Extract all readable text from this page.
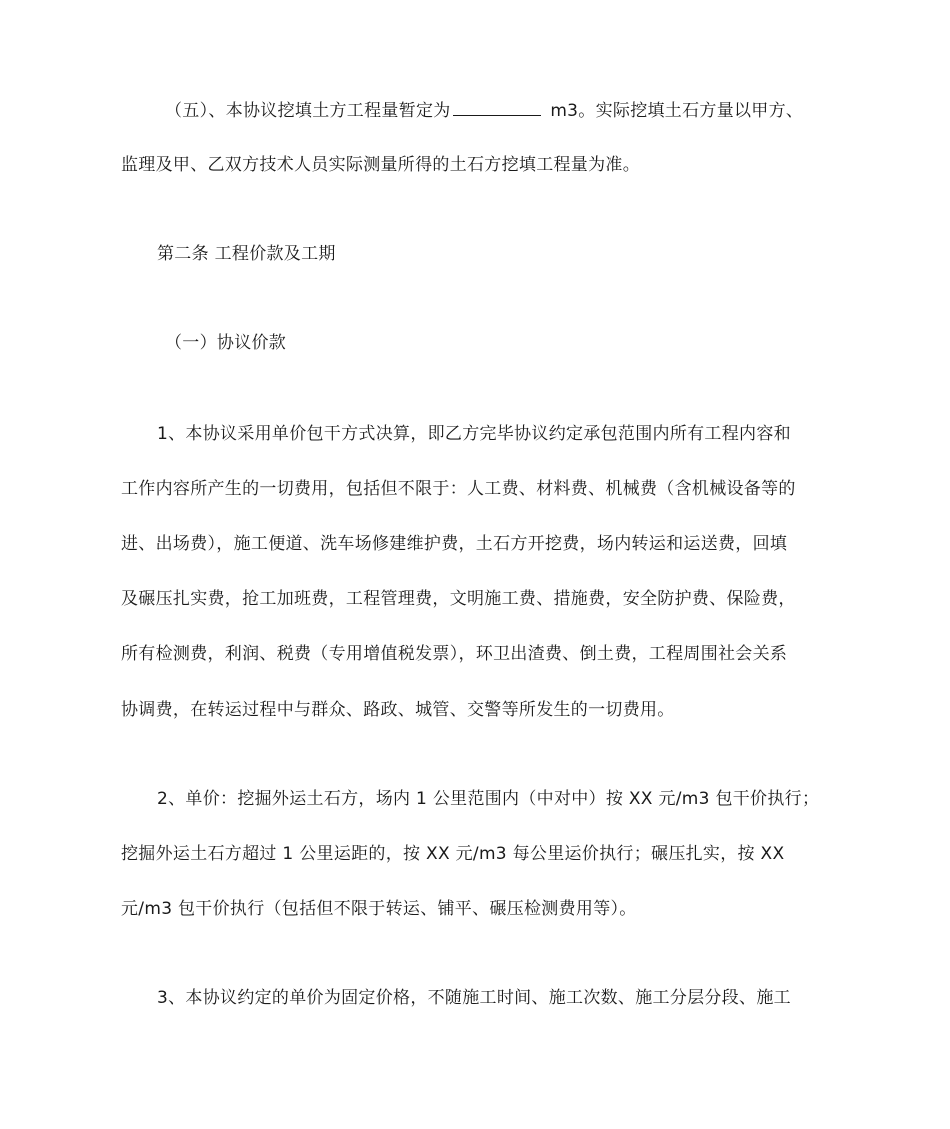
（五）、本协议挖填土方工程量暂定为	m3。实际挖填土石方量以甲方、
监理及甲、乙双方技术人员实际测量所得的土石方挖填工程量为准。
第二条 工程价款及工期
（一）协议价款
1、本协议采用单价包干方式决算，即乙方完毕协议约定承包范围内所有工程内容和
工作内容所产生的一切费用，包括但不限于：人工费、材料费、机械费（含机械设备等的
进、出场费），施工便道、洗车场修建维护费，土石方开挖费，场内转运和运送费，回填
及碾压扎实费，抢工加班费，工程管理费，文明施工费、措施费，安全防护费、保险费，
所有检测费，利润、税费（专用增值税发票），环卫出渣费、倒土费，工程周围社会关系
协调费，在转运过程中与群众、路政、城管、交警等所发生的一切费用。
2、单价：挖掘外运土石方，场内 1 公里范围内（中对中）按 XX 元/m3 包干价执行；
挖掘外运土石方超过 1 公里运距的，按 XX 元/m3 每公里运价执行；碾压扎实，按 XX
元/m3 包干价执行（包括但不限于转运、铺平、碾压检测费用等）。
3、本协议约定的单价为固定价格，不随施工时间、施工次数、施工分层分段、施工
